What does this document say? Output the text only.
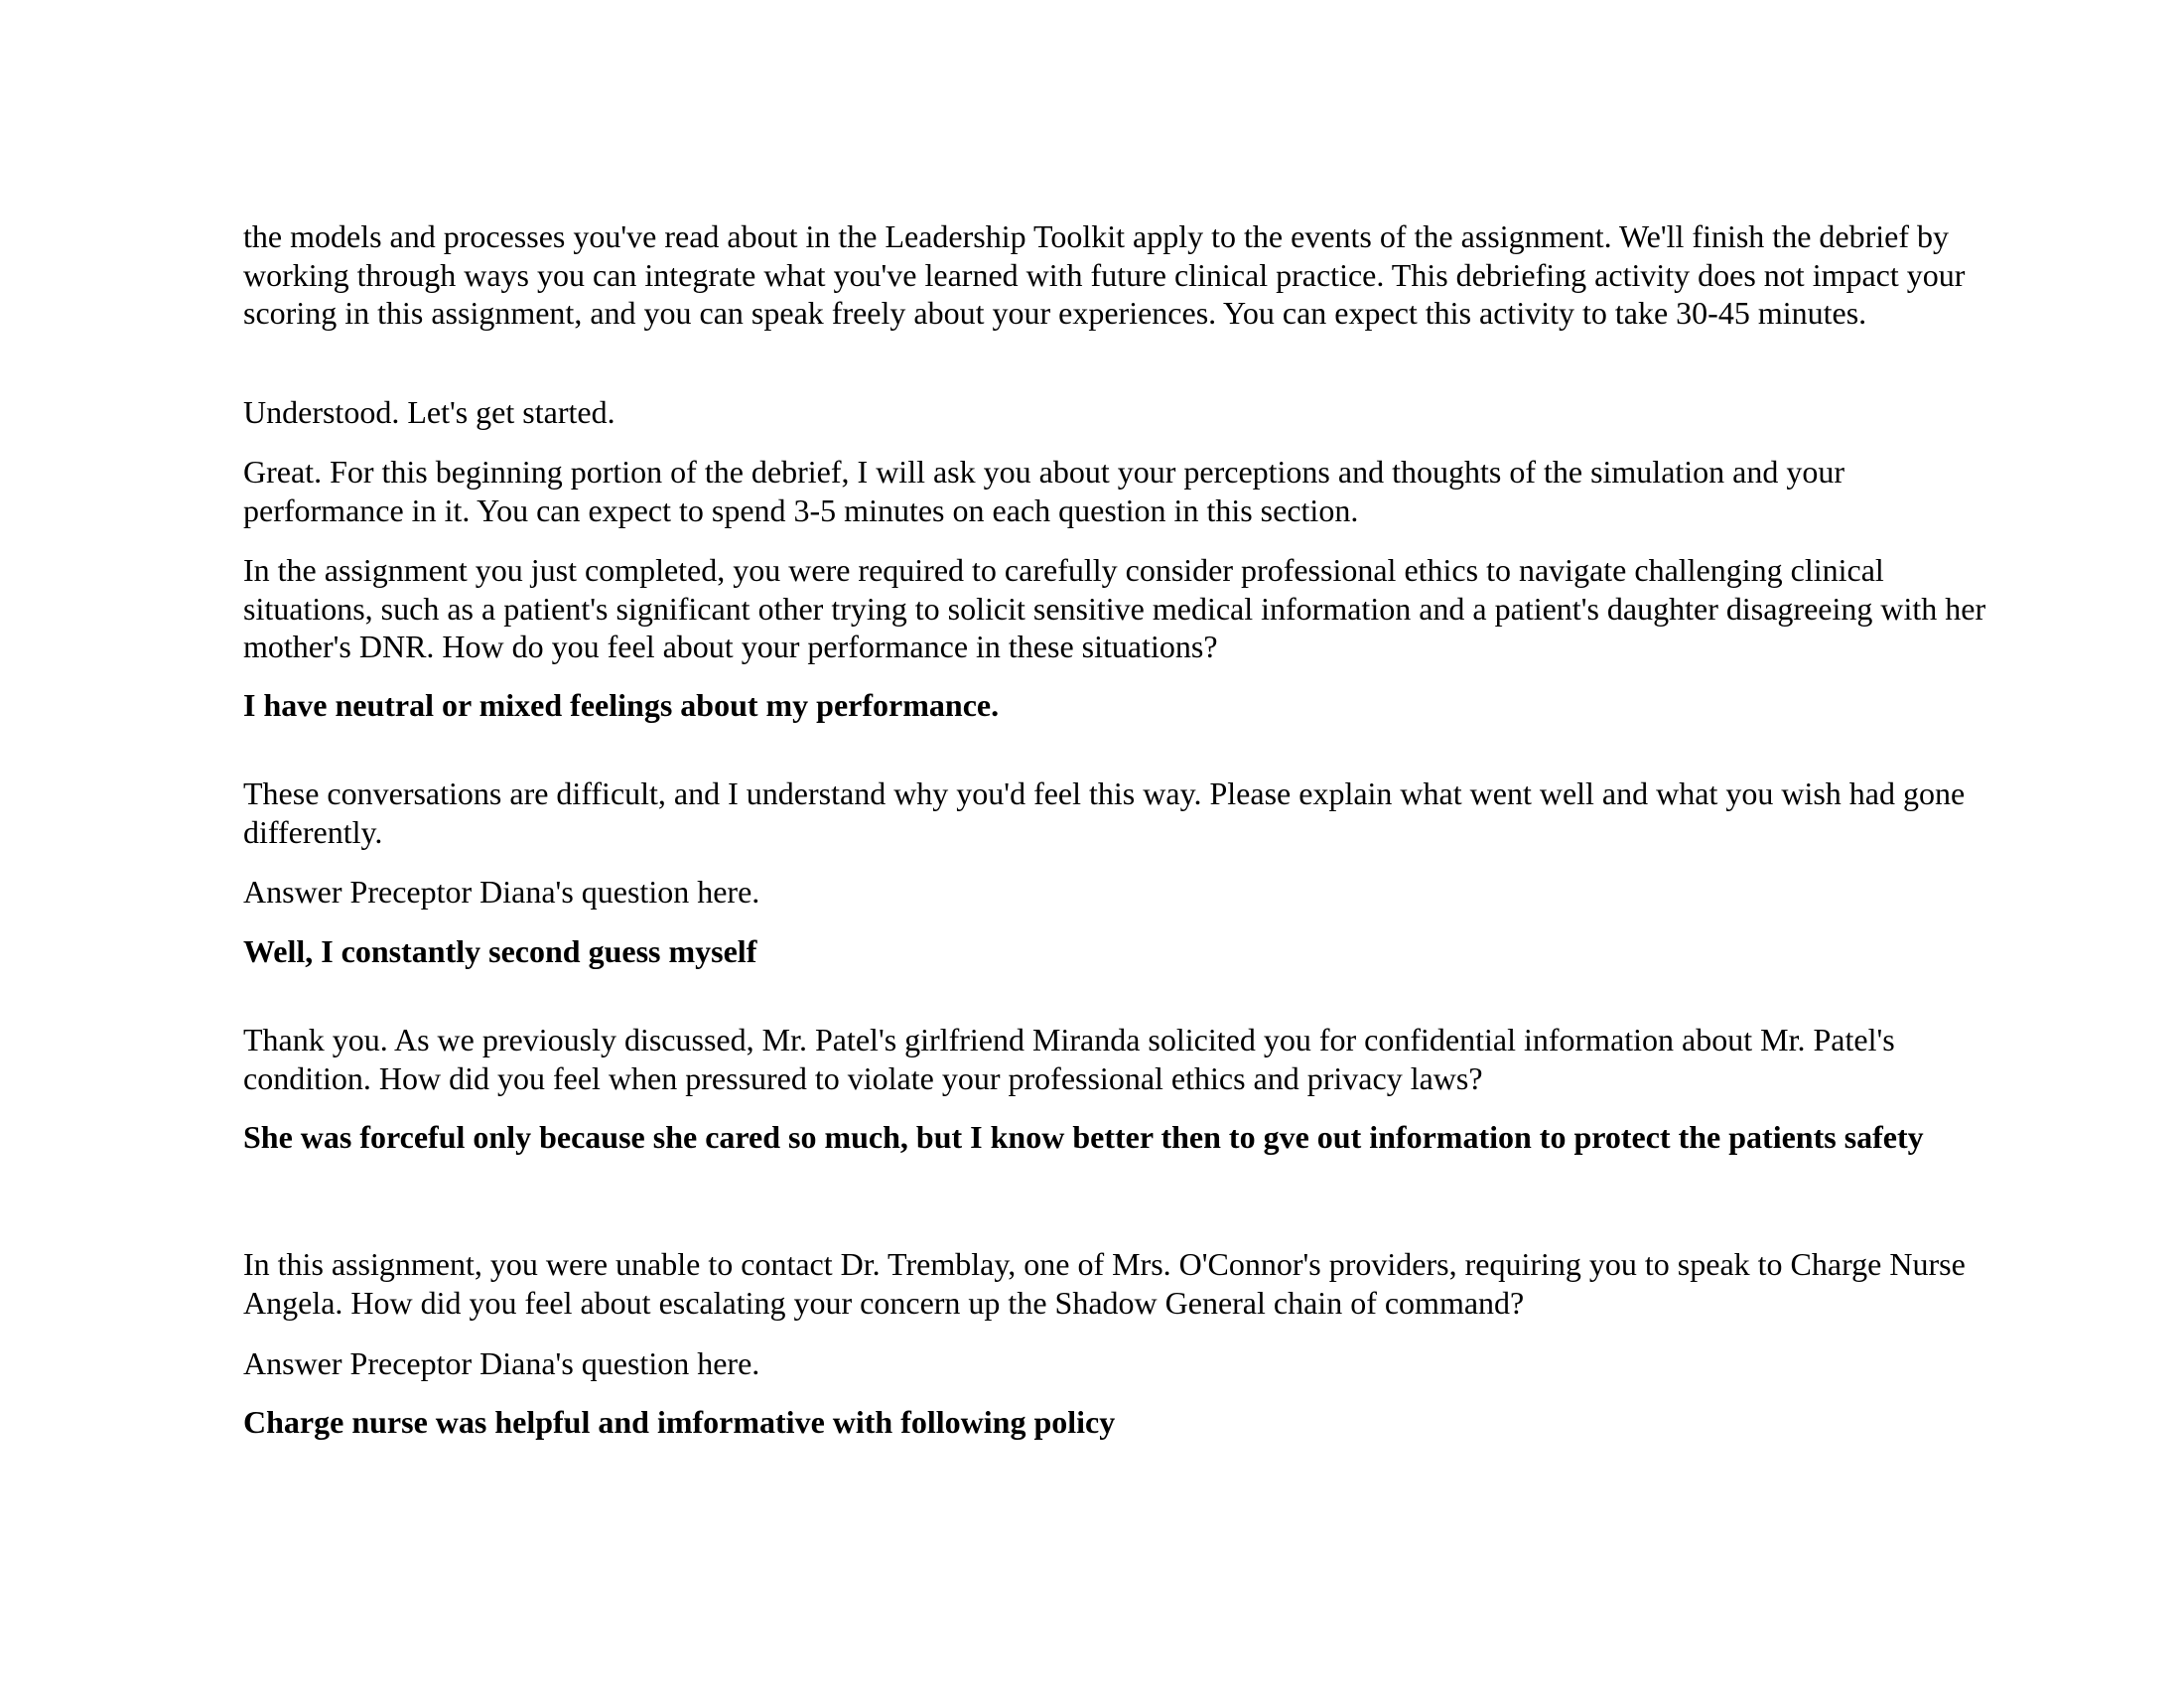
the models and processes you've read about in the Leadership Toolkit apply to the events of the assignment. We'll finish the debrief by working through ways you can integrate what you've learned with future clinical practice. This debriefing activity does not impact your scoring in this assignment, and you can speak freely about your experiences. You can expect this activity to take 30-45 minutes.

Understood. Let's get started.

Great. For this beginning portion of the debrief, I will ask you about your perceptions and thoughts of the simulation and your performance in it. You can expect to spend 3-5 minutes on each question in this section.

In the assignment you just completed, you were required to carefully consider professional ethics to navigate challenging clinical situations, such as a patient's significant other trying to solicit sensitive medical information and a patient's daughter disagreeing with her mother's DNR. How do you feel about your performance in these situations?

I have neutral or mixed feelings about my performance.

These conversations are difficult, and I understand why you'd feel this way. Please explain what went well and what you wish had gone differently.

Answer Preceptor Diana's question here.

Well, I constantly second guess myself

Thank you. As we previously discussed, Mr. Patel's girlfriend Miranda solicited you for confidential information about Mr. Patel's condition. How did you feel when pressured to violate your professional ethics and privacy laws?

She was forceful only because she cared so much, but I know better then to gve out information to protect the patients safety

In this assignment, you were unable to contact Dr. Tremblay, one of Mrs. O'Connor's providers, requiring you to speak to Charge Nurse Angela. How did you feel about escalating your concern up the Shadow General chain of command?

Answer Preceptor Diana's question here.

Charge nurse was helpful and imformative with following policy
